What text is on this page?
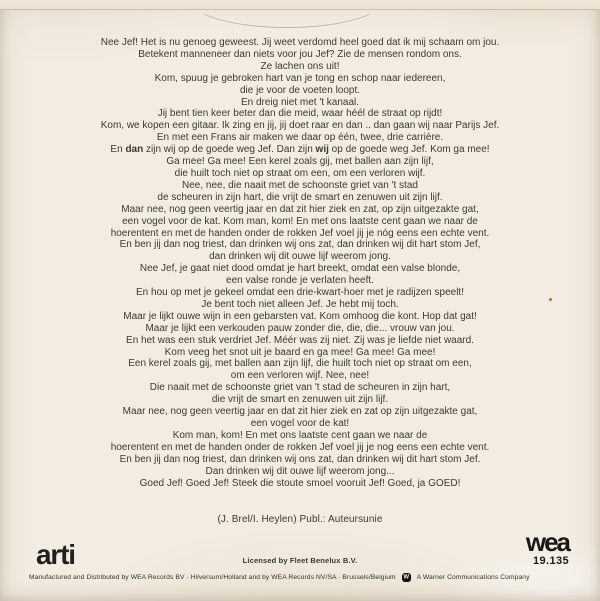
Nee Jef! Het is nu genoeg geweest. Jij weet verdomd heel goed dat ik mij schaam om jou.
Betekent manneneer dan niets voor jou Jef? Zie de mensen rondom ons.
Ze lachen ons uit!
Kom, spuug je gebroken hart van je tong en schop naar iedereen,
die je voor de voeten loopt.
En dreig niet met 't kanaal.
Jij bent tien keer beter dan die meid, waar héél de straat op rijdt!
Kom, we kopen een gitaar. Ik zing en jij, jij doet raar en dan .. dan gaan wij naar Parijs Jef.
En met een Frans air maken we daar op één, twee, drie carrière.
En dan zijn wij op de goede weg Jef. Dan zijn wij op de goede weg Jef. Kom ga mee!
Ga mee! Ga mee! Een kerel zoals gij, met ballen aan zijn lijf,
die huilt toch niet op straat om een, om een verloren wijf.
Nee, nee, die naait met de schoonste griet van 't stad
de scheuren in zijn hart, die vrijt de smart en zenuwen uit zijn lijf.
Maar nee, nog geen veertig jaar en dat zit hier ziek en zat, op zijn uitgezakte gat,
een vogel voor de kat. Kom man, kom! En met ons laatste cent gaan we naar de
hoerentent en met de handen onder de rokken Jef voel jij je nóg eens een echte vent.
En ben jij dan nog triest, dan drinken wij ons zat, dan drinken wij dit hart stom Jef,
dan drinken wij dit ouwe lijf weerom jong.
Nee Jef, je gaat niet dood omdat je hart breekt, omdat een valse blonde,
een valse ronde je verlaten heeft.
En hou op met je gekeel omdat een drie-kwart-hoer met je radijzen speelt!
Je bent toch niet alleen Jef. Je hebt mij toch.
Maar je lijkt ouwe wijn in een gebarsten vat. Kom omhoog die kont. Hop dat gat!
Maar je lijkt een verkouden pauw zonder die, die, die... vrouw van jou.
En het was een stuk verdriet Jef. Méér was zij niet. Zij was je liefde niet waard.
Kom veeg het snot uit je baard en ga mee! Ga mee! Ga mee!
Een kerel zoals gij, met ballen aan zijn lijf, die huilt toch niet op straat om een,
om een verloren wijf. Nee, nee!
Die naait met de schoonste griet van 't stad de scheuren in zijn hart,
die vrijt de smart en zenuwen uit zijn lijf.
Maar nee, nog geen veertig jaar en dat zit hier ziek en zat op zijn uitgezakte gat,
een vogel voor de kat!
Kom man, kom! En met ons laatste cent gaan we naar de
hoerentent en met de handen onder de rokken Jef voel jij je nog eens een echte vent.
En ben jij dan nog triest, dan drinken wij ons zat, dan drinken wij dit hart stom Jef.
Dan drinken wij dit ouwe lijf weerom jong...
Goed Jef! Goed Jef! Steek die stoute smoel vooruit Jef! Goed, ja GOED!
(J. Brel/I. Heylen) Publ.: Auteursunie
arti	Licensed by Fleet Benelux B.V.
wea
19.135
Manufactured and Distributed by WEA Records BV · Hilversum/Holland and by WEA Records NV/SA · Brussels/Belgium W A Warner Communications Company
